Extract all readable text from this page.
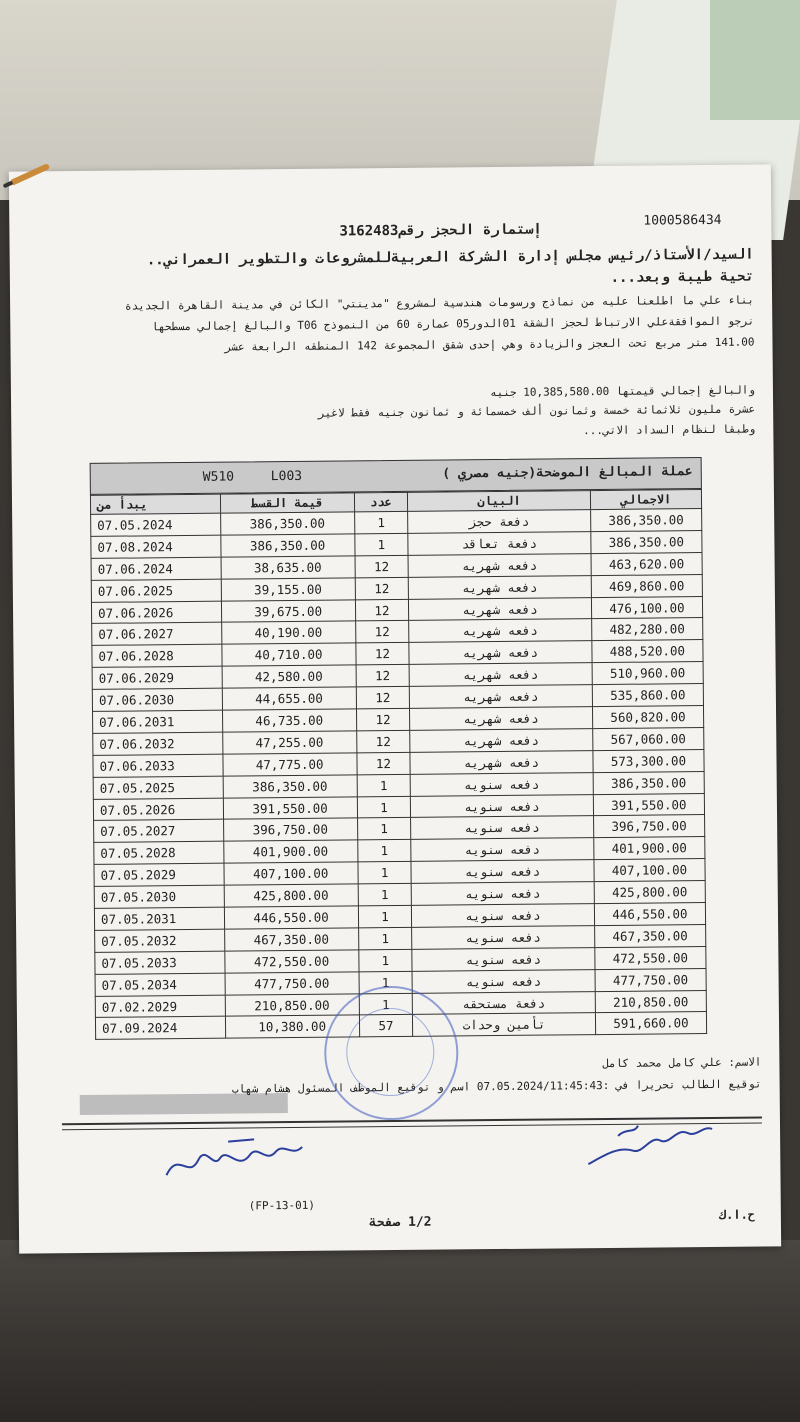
1000586434
إستمارة الحجز رقم3162483
السيد/الأستاذ/رئيس مجلس إدارة الشركة العربيةللمشروعات والتطوير العمراني..
تحية طيبة وبعد...
بناء علي ما اطلعنا عليه من نماذج ورسومات هندسية لمشروع "مدينتي" الكائن في مدينة القاهرة الجديدة
نرجو الموافقةعلي الارتباط لحجز الشقة 01الدور05 عمارة 60 من النموذج T06 والبالغ إجمالي مسطحها
141.00 متر مربع تحت العجز والزيادة وهي إحدى شقق المجموعة 142 المنطقه الرابعة عشر
والبالغ إجمالي قيمتها 10,385,580.00 جنيه
عشرة مليون ثلاثمائة خمسة وثمانون ألف خمسمائة و ثمانون جنيه فقط لاغير
وطبقا لنظام السداد الاتي...
عملة المبالغ الموضحة(جنيه مصري )
W510	L003
يبدأ من	قيمة القسط	عدد	البيان	الاجمالي
07.05.2024	386,350.00	1	دفعة حجز	386,350.00
07.08.2024	386,350.00	1	دفعة تعاقد	386,350.00
07.06.2024	38,635.00	12	دفعه شهريه	463,620.00
07.06.2025	39,155.00	12	دفعه شهريه	469,860.00
07.06.2026	39,675.00	12	دفعه شهريه	476,100.00
07.06.2027	40,190.00	12	دفعه شهريه	482,280.00
07.06.2028	40,710.00	12	دفعه شهريه	488,520.00
07.06.2029	42,580.00	12	دفعه شهريه	510,960.00
07.06.2030	44,655.00	12	دفعه شهريه	535,860.00
07.06.2031	46,735.00	12	دفعه شهريه	560,820.00
07.06.2032	47,255.00	12	دفعه شهريه	567,060.00
07.06.2033	47,775.00	12	دفعه شهريه	573,300.00
07.05.2025	386,350.00	1	دفعه سنويه	386,350.00
07.05.2026	391,550.00	1	دفعه سنويه	391,550.00
07.05.2027	396,750.00	1	دفعه سنويه	396,750.00
07.05.2028	401,900.00	1	دفعه سنويه	401,900.00
07.05.2029	407,100.00	1	دفعه سنويه	407,100.00
07.05.2030	425,800.00	1	دفعه سنويه	425,800.00
07.05.2031	446,550.00	1	دفعه سنويه	446,550.00
07.05.2032	467,350.00	1	دفعه سنويه	467,350.00
07.05.2033	472,550.00	1	دفعه سنويه	472,550.00
07.05.2034	477,750.00	1	دفعه سنويه	477,750.00
07.02.2029	210,850.00	1	دفعة مستحقه	210,850.00
07.09.2024	10,380.00	57	تأمين وحدات	591,660.00
الاسم: علي كامل محمد كامل
توقيع الطالب تحريرا في :07.05.2024/11:45:43 اسم و توقيع الموظف المسئول هشام شهاب
(FP-13-01)
1/2 صفحة	ح.ا.ك
